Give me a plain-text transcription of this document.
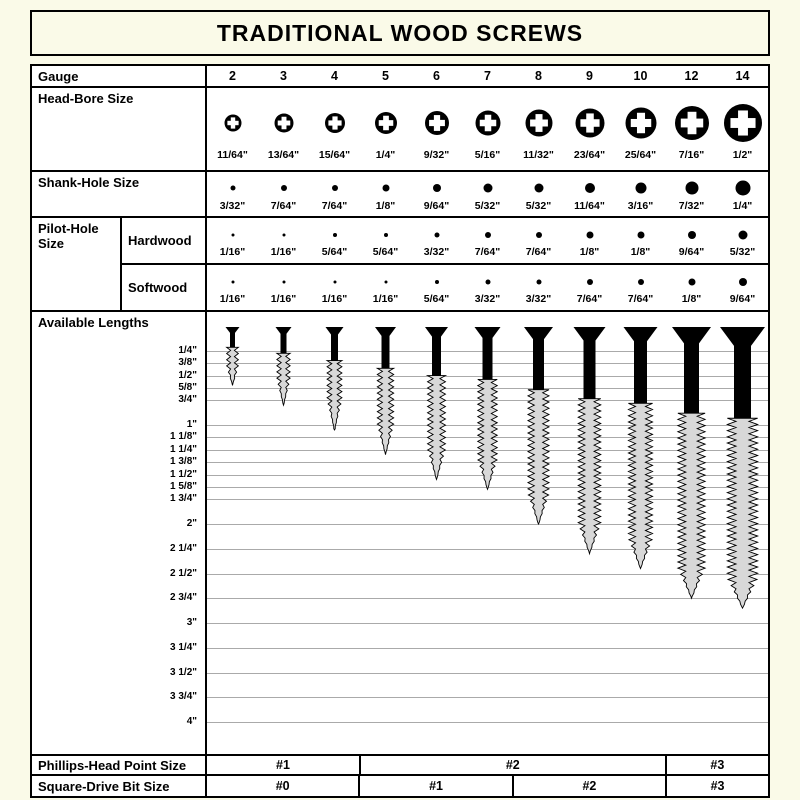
TRADITIONAL WOOD SCREWS
Gauge	2	3	4	5	6	7	8	9	10	12	14
Head-Bore Size
11/64" 13/64" 15/64" 1/4"	9/32" 5/16" 11/32" 23/64" 25/64" 7/16"	1/2"
Shank-Hole Size
3/32" 7/64" 7/64"	1/8"	9/64" 5/32" 5/32" 11/64" 3/16" 7/32"	1/4"
Pilot-Hole Size	Hardwood
1/16" 1/16" 5/64" 5/64" 3/32" 7/64" 7/64"	1/8"	1/8"	9/64" 5/32"
Softwood
1/16" 1/16" 1/16" 1/16" 5/64" 3/32" 3/32" 7/64" 7/64"	1/8"	9/64"
Available Lengths
1/4"
3/8"
1/2"
5/8"
3/4"
1"
1 1/8"
1 1/4"
1 3/8"
1 1/2"
1 5/8"
1 3/4"
2"
2 1/4"
2 1/2"
2 3/4"
3"
3 1/4"
3 1/2"
3 3/4"
4"
Phillips-Head Point Size	#1	#2	#3
Square-Drive Bit Size	#0	#1	#2	#3
